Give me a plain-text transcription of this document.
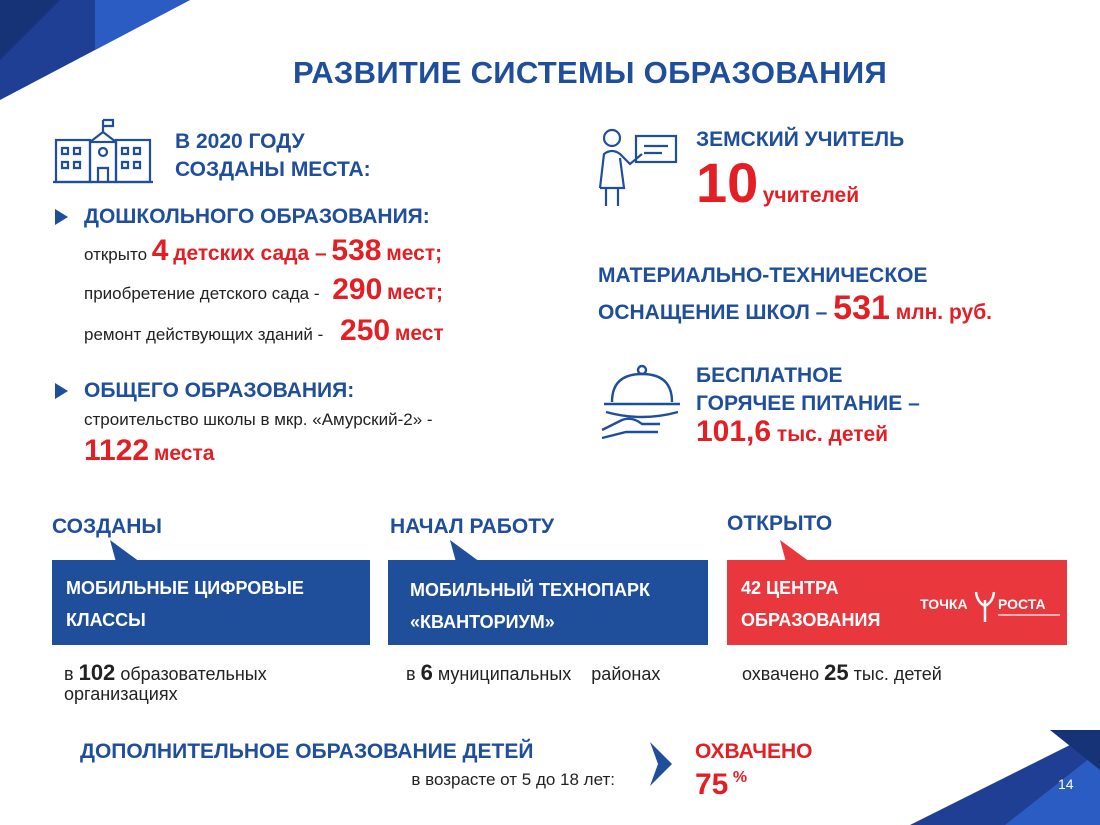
РАЗВИТИЕ СИСТЕМЫ ОБРАЗОВАНИЯ
В 2020 ГОДУ
СОЗДАНЫ МЕСТА:
ДОШКОЛЬНОГО ОБРАЗОВАНИЯ:
открыто 4 детских сада – 538 мест;
приобретение детского сада - 290 мест;
ремонт действующих зданий - 250 мест
ОБЩЕГО ОБРАЗОВАНИЯ:
строительство школы в мкр. «Амурский-2» -
1122 места
ЗЕМСКИЙ УЧИТЕЛЬ
10 учителей
МАТЕРИАЛЬНО-ТЕХНИЧЕСКОЕ
ОСНАЩЕНИЕ ШКОЛ – 531 млн. руб.
БЕСПЛАТНОЕ
ГОРЯЧЕЕ ПИТАНИЕ –
101,6 тыс. детей
СОЗДАНЫ	НАЧАЛ РАБОТУ	ОТКРЫТО
МОБИЛЬНЫЕ ЦИФРОВЫЕ
КЛАССЫ
в 102 образовательных организациях
МОБИЛЬНЫЙ ТЕХНОПАРК
«КВАНТОРИУМ»
в 6 муниципальных    районах
42 ЦЕНТРА
ОБРАЗОВАНИЯ
ТОЧКА РОСТА
охвачено 25 тыс. детей
ДОПОЛНИТЕЛЬНОЕ ОБРАЗОВАНИЕ ДЕТЕЙ
в возрасте от 5 до 18 лет:
ОХВАЧЕНО
75 %	14
